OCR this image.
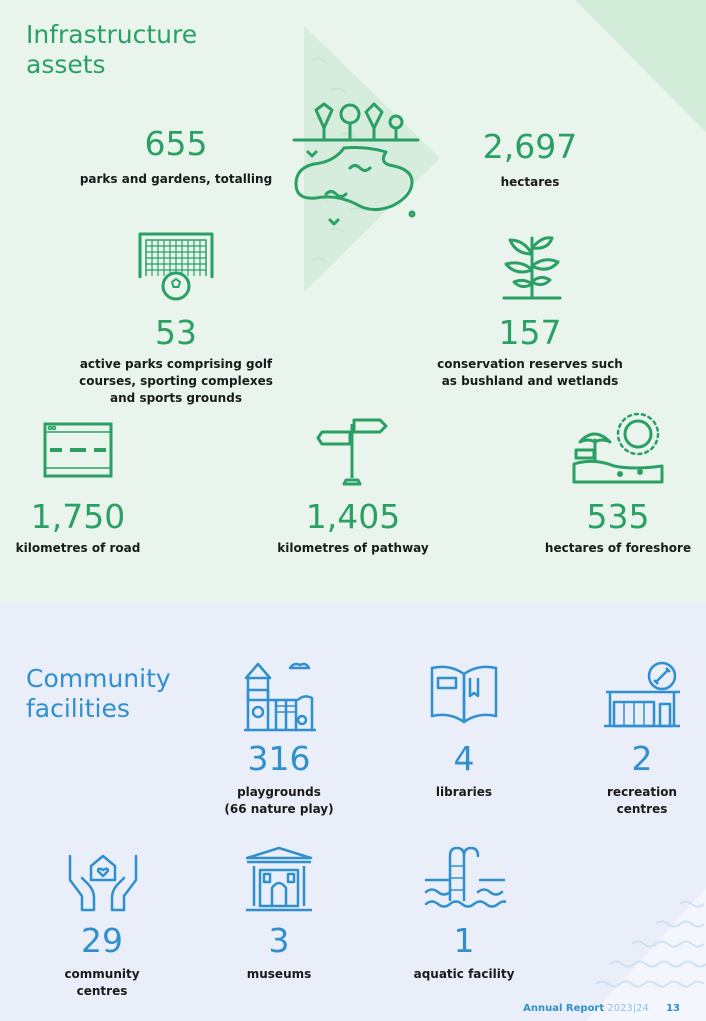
Infrastructure
assets
655
parks and gardens, totalling
2,697
hectares
53
active parks comprising golf
courses, sporting complexes
and sports grounds
157
conservation reserves such
as bushland and wetlands
1,750
kilometres of road
1,405
kilometres of pathway
535
hectares of foreshore
Community
facilities
316
playgrounds
(66 nature play)
4
libraries
2
recreation
centres
29
community
centres
3
museums
1
aquatic facility
Annual Report 2023|24 13
